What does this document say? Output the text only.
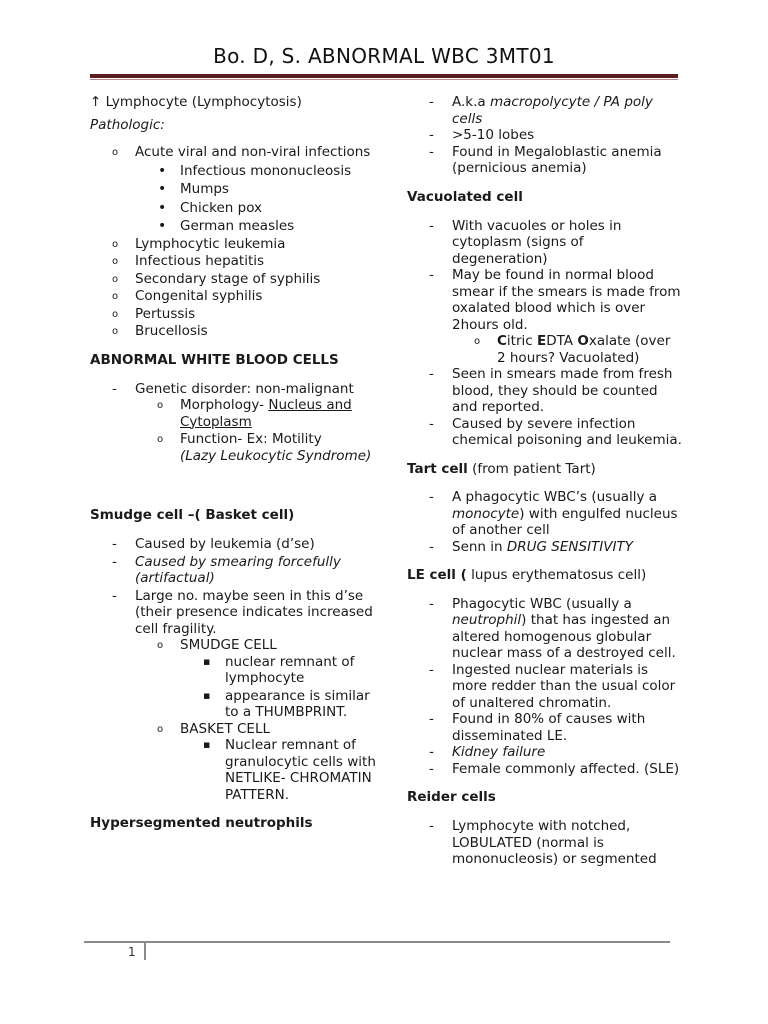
Bo. D, S. ABNORMAL WBC 3MT01

↑ Lymphocyte (Lymphocytosis)

Pathologic:

o Acute viral and non-viral infections
• Infectious mononucleosis
• Mumps
• Chicken pox
• German measles
o Lymphocytic leukemia
o Infectious hepatitis
o Secondary stage of syphilis
o Congenital syphilis
o Pertussis
o Brucellosis

ABNORMAL WHITE BLOOD CELLS

- Genetic disorder: non-malignant
o Morphology- Nucleus and Cytoplasm
o Function- Ex: Motility
(Lazy Leukocytic Syndrome)

Smudge cell –( Basket cell)

- Caused by leukemia (d’se)
- Caused by smearing forcefully (artifactual)
- Large no. maybe seen in this d’se (their presence indicates increased cell fragility.
o SMUDGE CELL
▪ nuclear remnant of lymphocyte
▪ appearance is similar to a THUMBPRINT.
o BASKET CELL
▪ Nuclear remnant of granulocytic cells with NETLIKE- CHROMATIN PATTERN.

Hypersegmented neutrophils

- A.k.a macropolycyte / PA poly cells
- >5-10 lobes
- Found in Megaloblastic anemia (pernicious anemia)

Vacuolated cell

- With vacuoles or holes in cytoplasm (signs of degeneration)
- May be found in normal blood smear if the smears is made from oxalated blood which is over 2hours old.
o Citric EDTA Oxalate (over 2 hours? Vacuolated)
- Seen in smears made from fresh blood, they should be counted and reported.
- Caused by severe infection chemical poisoning and leukemia.

Tart cell (from patient Tart)

- A phagocytic WBC’s (usually a monocyte) with engulfed nucleus of another cell
- Senn in DRUG SENSITIVITY

LE cell ( lupus erythematosus cell)

- Phagocytic WBC (usually a neutrophil) that has ingested an altered homogenous globular nuclear mass of a destroyed cell.
- Ingested nuclear materials is more redder than the usual color of unaltered chromatin.
- Found in 80% of causes with disseminated LE.
- Kidney failure
- Female commonly affected. (SLE)

Reider cells

- Lymphocyte with notched, LOBULATED (normal is mononucleosis) or segmented
1
